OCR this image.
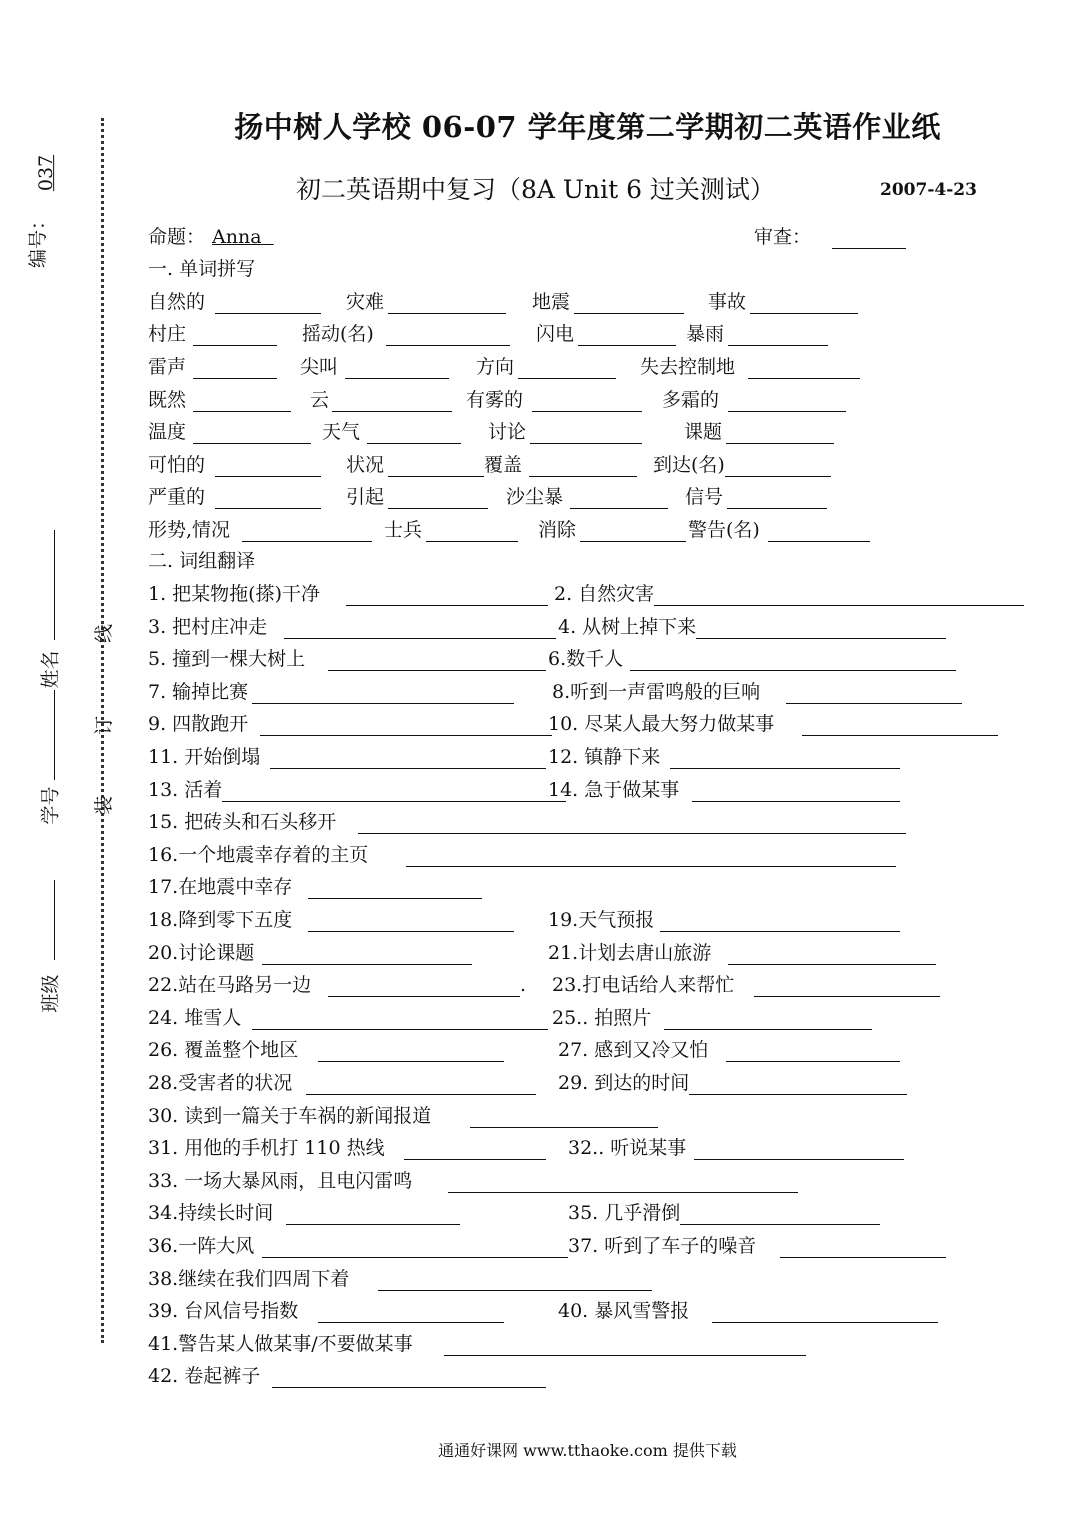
编号：
037
班级
学号
姓名
装
订
线
扬中树人学校 06-07 学年度第二学期初二英语作业纸
初二英语期中复习（8A Unit 6 过关测试）	2007-4-23
命题： Anna	审查：
一. 单词拼写
自然的	灾难	地震	事故
村庄	摇动(名)	闪电	暴雨
雷声	尖叫	方向	失去控制地
既然	云	有雾的	多霜的
温度	天气	讨论	课题
可怕的	状况	覆盖	到达(名)
严重的	引起	沙尘暴	信号
形势,情况	士兵	消除	警告(名)
二. 词组翻译
1. 把某物拖(搽)干净	2. 自然灾害
3. 把村庄冲走	4. 从树上掉下来
5. 撞到一棵大树上	6.数千人
7. 输掉比赛	8.听到一声雷鸣般的巨响
9. 四散跑开	10. 尽某人最大努力做某事
11. 开始倒塌	12. 镇静下来
13. 活着	14. 急于做某事
15. 把砖头和石头移开
16.一个地震幸存着的主页
17.在地震中幸存
18.降到零下五度	19.天气预报
20.讨论课题	21.计划去唐山旅游
22.站在马路另一边	. 23.打电话给人来帮忙
24. 堆雪人	25.. 拍照片
26. 覆盖整个地区	27. 感到又冷又怕
28.受害者的状况	29. 到达的时间
30. 读到一篇关于车祸的新闻报道
31. 用他的手机打 110 热线	32.. 听说某事
33. 一场大暴风雨，且电闪雷鸣
34.持续长时间	35. 几乎滑倒
36.一阵大风	37. 听到了车子的噪音
38.继续在我们四周下着
39. 台风信号指数	40. 暴风雪警报
41.警告某人做某事/不要做某事
42. 卷起裤子
通通好课网 www.tthaoke.com 提供下载
